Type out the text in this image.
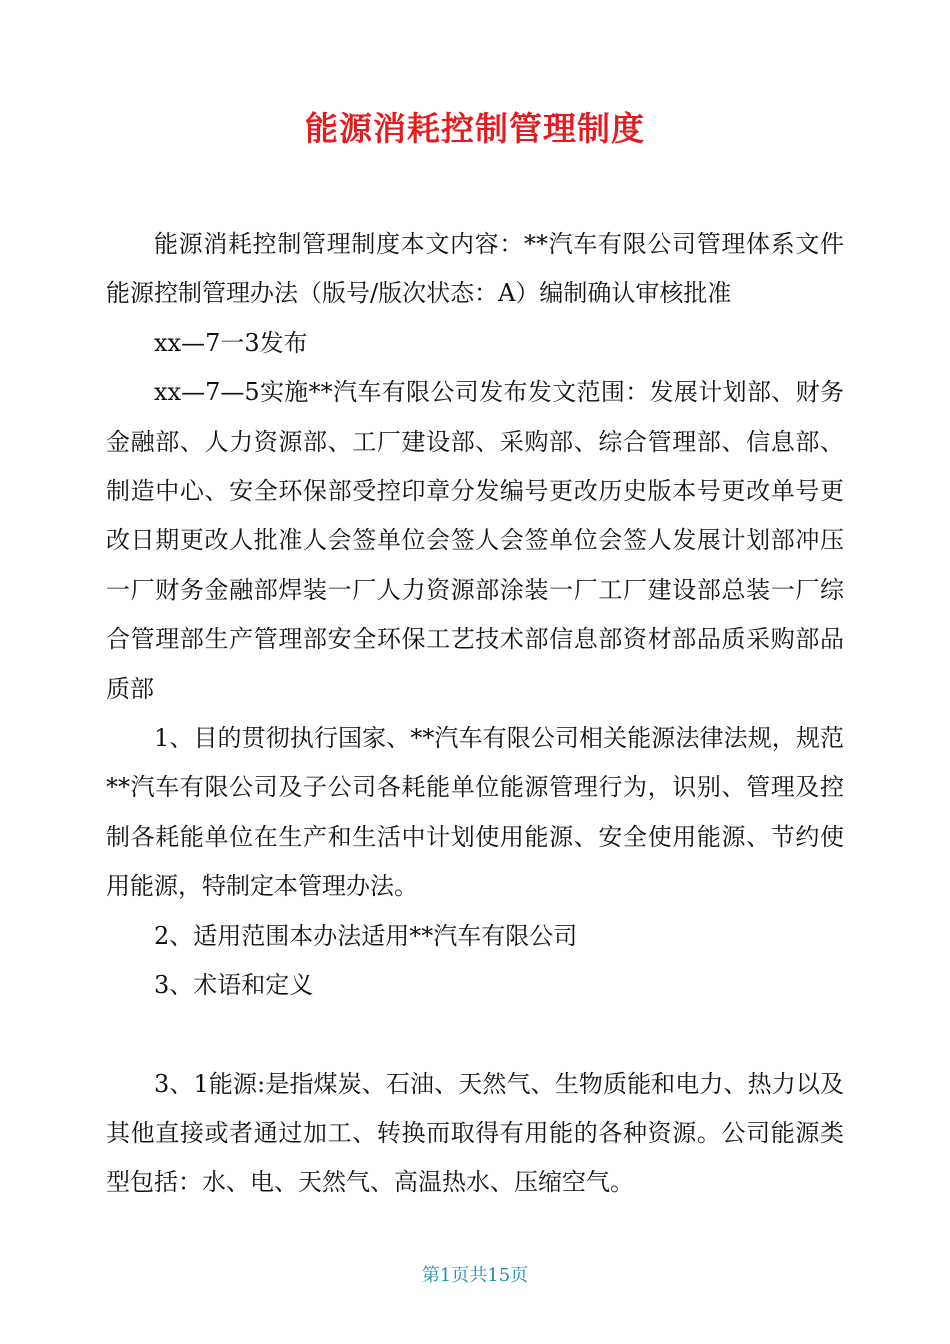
能源消耗控制管理制度

能源消耗控制管理制度本文内容：**汽车有限公司管理体系文件能源控制管理办法（版号/版次状态：A）编制确认审核批准

xx—7一3发布

xx—7—5实施**汽车有限公司发布发文范围：发展计划部、财务金融部、人力资源部、工厂建设部、采购部、综合管理部、信息部、制造中心、安全环保部受控印章分发编号更改历史版本号更改单号更改日期更改人批准人会签单位会签人会签单位会签人发展计划部冲压一厂财务金融部焊装一厂人力资源部涂装一厂工厂建设部总装一厂综合管理部生产管理部安全环保工艺技术部信息部资材部品质采购部品质部

1、目的贯彻执行国家、**汽车有限公司相关能源法律法规，规范**汽车有限公司及子公司各耗能单位能源管理行为，识别、管理及控制各耗能单位在生产和生活中计划使用能源、安全使用能源、节约使用能源，特制定本管理办法。

2、适用范围本办法适用**汽车有限公司

3、术语和定义

3、1能源:是指煤炭、石油、天然气、生物质能和电力、热力以及其他直接或者通过加工、转换而取得有用能的各种资源。公司能源类型包括：水、电、天然气、高温热水、压缩空气。

第1页共15页
